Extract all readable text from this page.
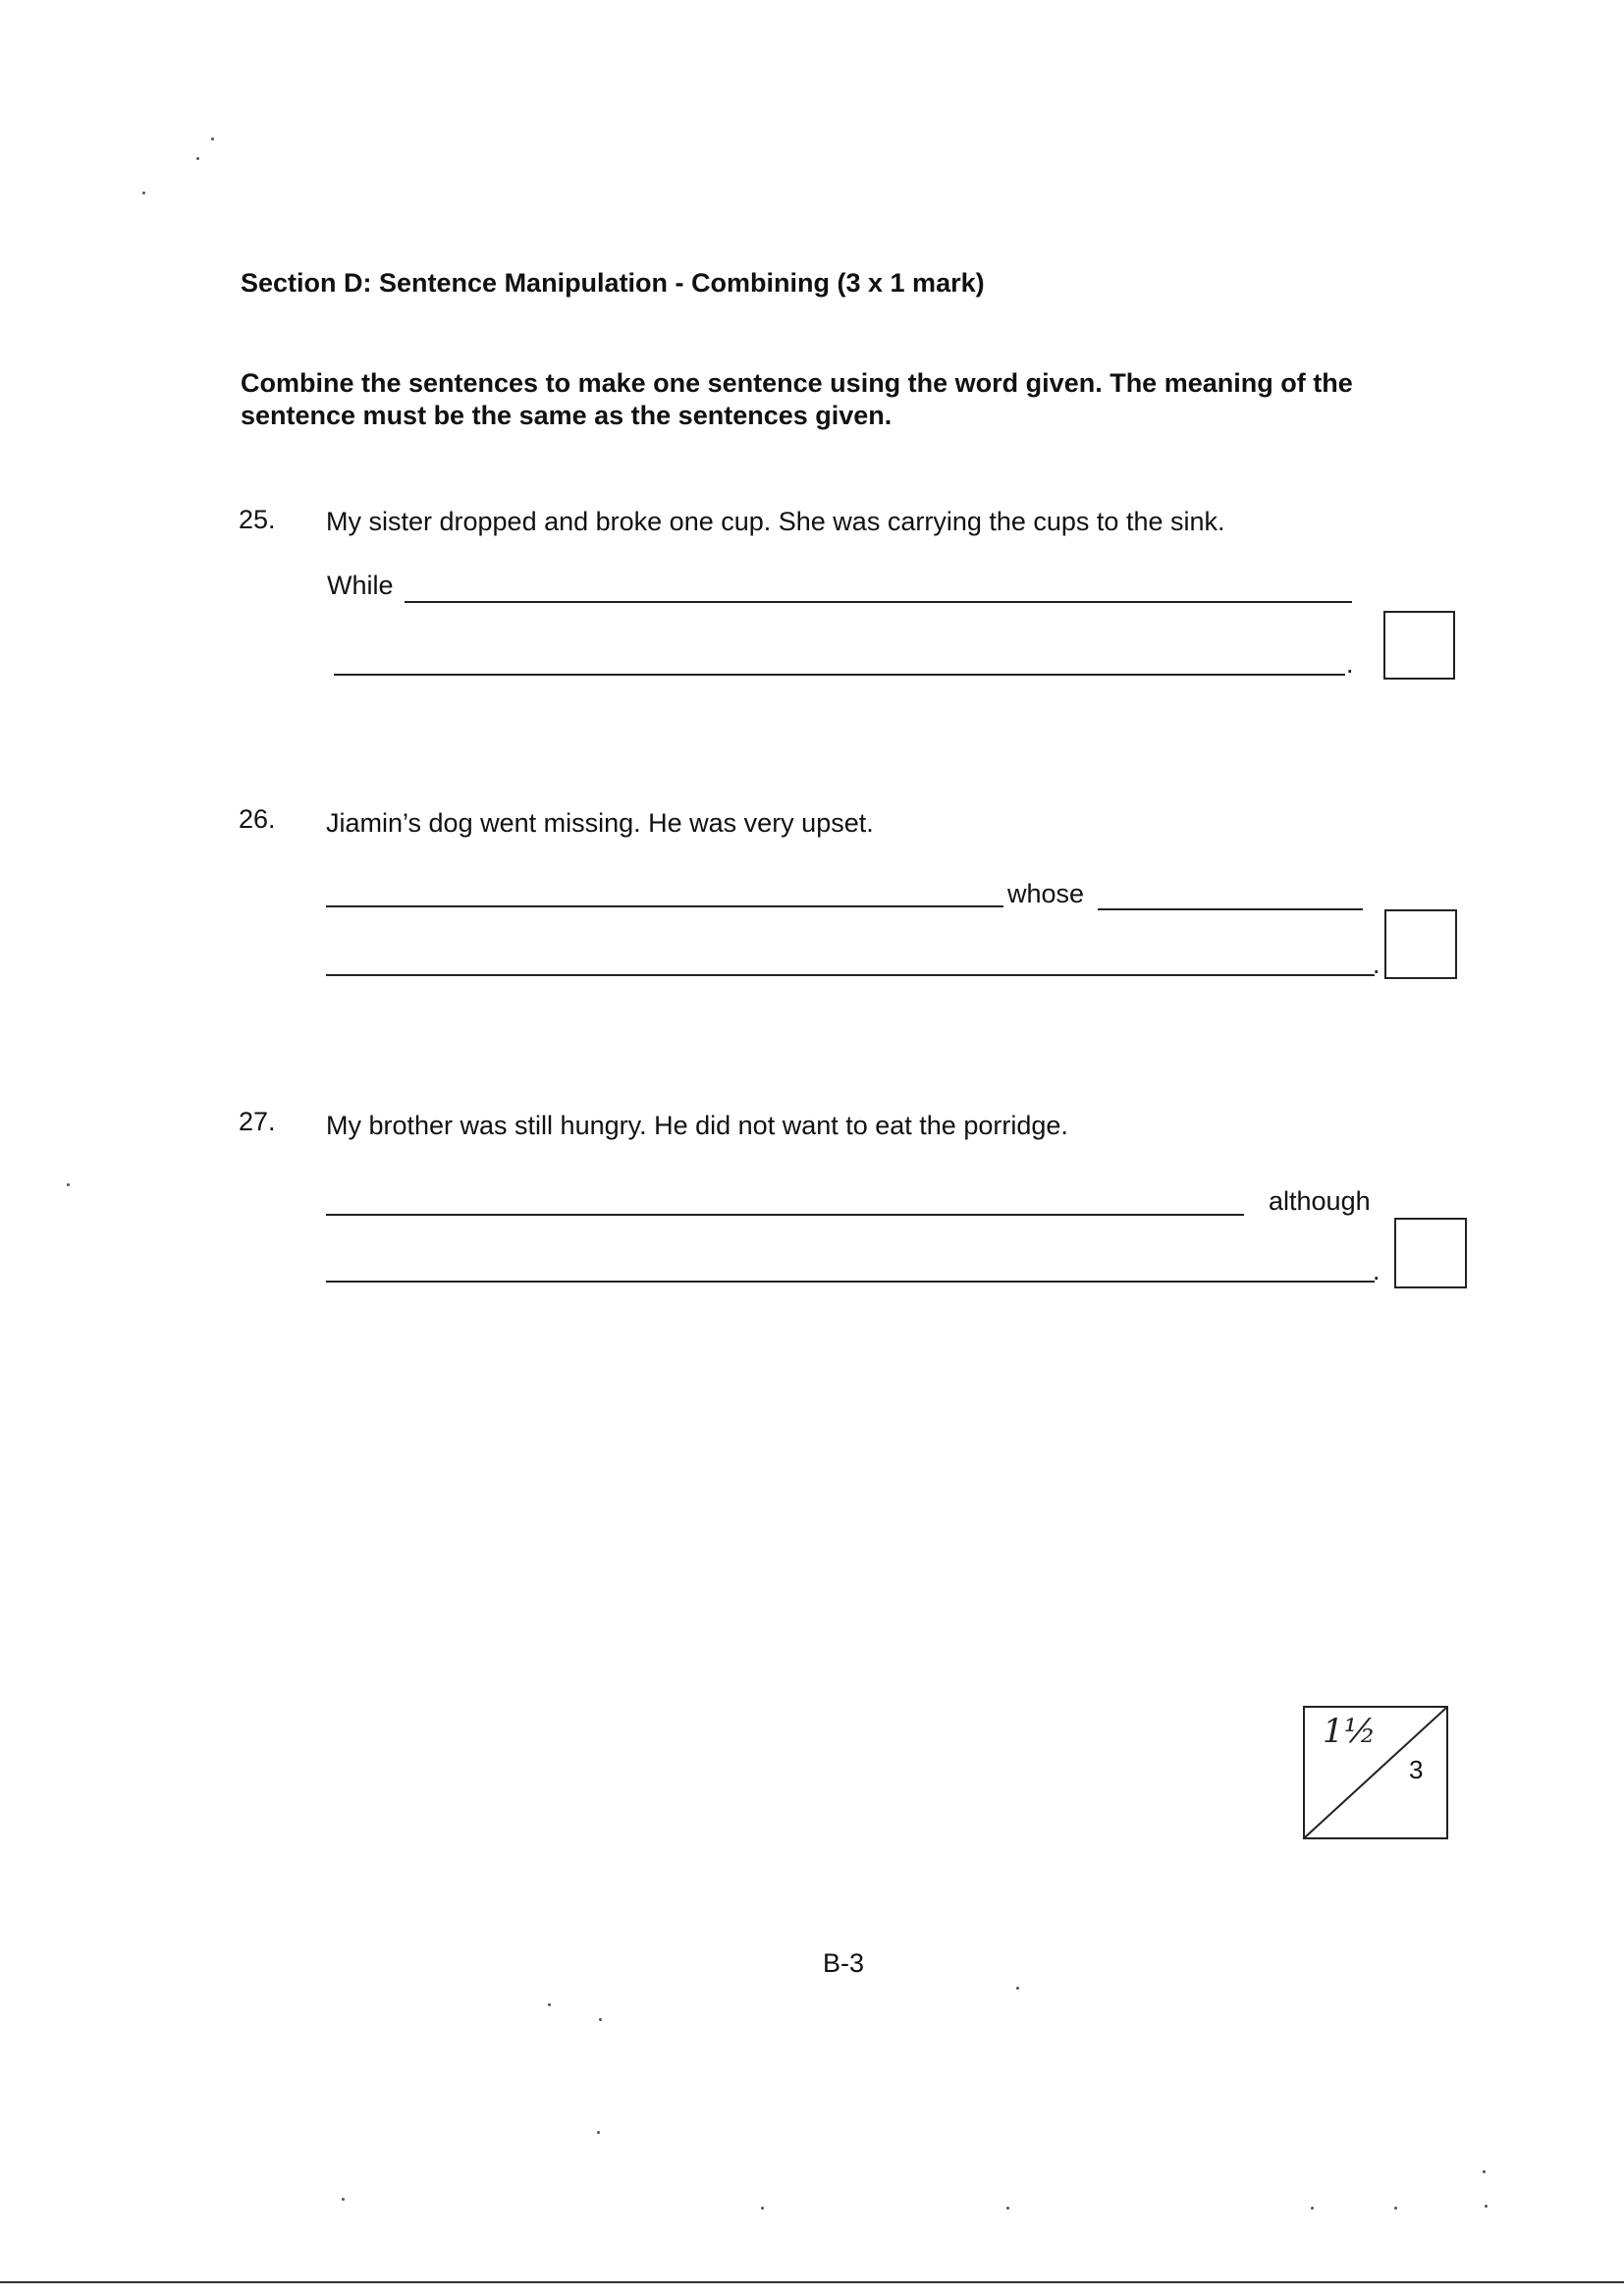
Section D: Sentence Manipulation - Combining (3 x 1 mark)
Combine the sentences to make one sentence using the word given. The meaning of the sentence must be the same as the sentences given.
25. My sister dropped and broke one cup. She was carrying the cups to the sink.
While
.
26. Jiamin’s dog went missing. He was very upset.
whose
.
27. My brother was still hungry. He did not want to eat the porridge.
although
.
1½
3
B-3
